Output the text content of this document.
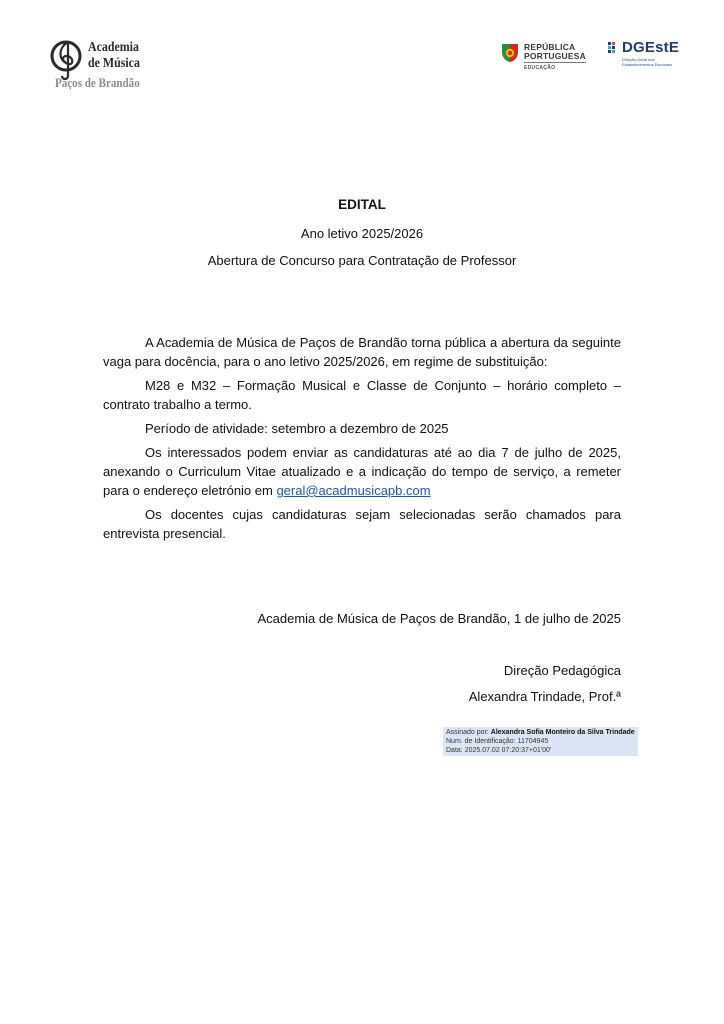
Academia
de Música
Paços de Brandão
REPÚBLICA
PORTUGUESA
EDUCAÇÃO
DGEstE
Direção-Geral dos
Estabelecimentos Escolares
EDITAL
Ano letivo 2025/2026
Abertura de Concurso para Contratação de Professor

A Academia de Música de Paços de Brandão torna pública a abertura da seguinte vaga para docência, para o ano letivo 2025/2026, em regime de substituição:

M28 e M32 – Formação Musical e Classe de Conjunto – horário completo – contrato trabalho a termo.

Período de atividade: setembro a dezembro de 2025

Os interessados podem enviar as candidaturas até ao dia 7 de julho de 2025, anexando o Curriculum Vitae atualizado e a indicação do tempo de serviço, a remeter para o endereço eletrónio em geral@acadmusicapb.com

Os docentes cujas candidaturas sejam selecionadas serão chamados para entrevista presencial.

Academia de Música de Paços de Brandão, 1 de julho de 2025
Direção Pedagógica
Alexandra Trindade, Prof.ª
Assinado por: Alexandra Sofia Monteiro da Silva Trindade
Num. de Identificação: 11704945
Data: 2025.07.02 07:20:37+01'00'
